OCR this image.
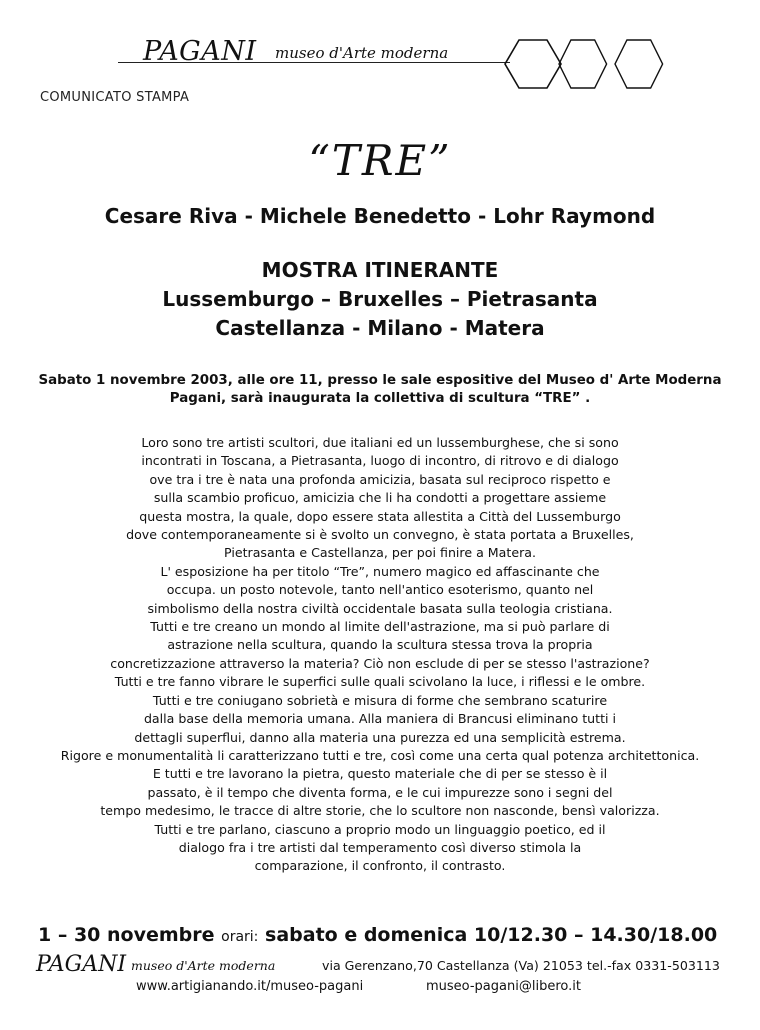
PAGANI museo d'Arte moderna
COMUNICATO STAMPA
“TRE”
Cesare Riva - Michele Benedetto - Lohr Raymond
MOSTRA ITINERANTE
Lussemburgo – Bruxelles – Pietrasanta
Castellanza - Milano - Matera
Sabato 1 novembre 2003, alle ore 11, presso le sale espositive del Museo d' Arte Moderna
Pagani, sarà inaugurata la collettiva di scultura “TRE” .
Loro sono tre artisti scultori, due italiani ed un lussemburghese, che si sono
incontrati in Toscana, a Pietrasanta, luogo di incontro, di ritrovo e di dialogo
ove tra i tre è nata una profonda amicizia, basata sul reciproco rispetto e
sulla scambio proficuo, amicizia che li ha condotti a progettare assieme
questa mostra, la quale, dopo essere stata allestita a Città del Lussemburgo
dove contemporaneamente si è svolto un convegno, è stata portata a Bruxelles,
Pietrasanta e Castellanza, per poi finire a Matera.
L' esposizione ha per titolo “Tre”, numero magico ed affascinante che
occupa. un posto notevole, tanto nell'antico esoterismo, quanto nel
simbolismo della nostra civiltà occidentale basata sulla teologia cristiana.
Tutti e tre creano un mondo al limite dell'astrazione, ma si può parlare di
astrazione nella scultura, quando la scultura stessa trova la propria
concretizzazione attraverso la materia? Ciò non esclude di per se stesso l'astrazione?
Tutti e tre fanno vibrare le superfici sulle quali scivolano la luce, i riflessi e le ombre.
Tutti e tre coniugano sobrietà e misura di forme che sembrano scaturire
dalla base della memoria umana. Alla maniera di Brancusi eliminano tutti i
dettagli superflui, danno alla materia una purezza ed una semplicità estrema.
Rigore e monumentalità li caratterizzano tutti e tre, così come una certa qual potenza architettonica.
E tutti e tre lavorano la pietra, questo materiale che di per se stesso è il
passato, è il tempo che diventa forma, e le cui impurezze sono i segni del
tempo medesimo, le tracce di altre storie, che lo scultore non nasconde, bensì valorizza.
Tutti e tre parlano, ciascuno a proprio modo un linguaggio poetico, ed il
dialogo fra i tre artisti dal temperamento così diverso stimola la
comparazione, il confronto, il contrasto.
1 – 30 novembre orari: sabato e domenica 10/12.30 – 14.30/18.00
PAGANI museo d'Arte moderna	via Gerenzano,70 Castellanza (Va) 21053 tel.-fax 0331-503113
www.artigianando.it/museo-pagani	museo-pagani@libero.it
